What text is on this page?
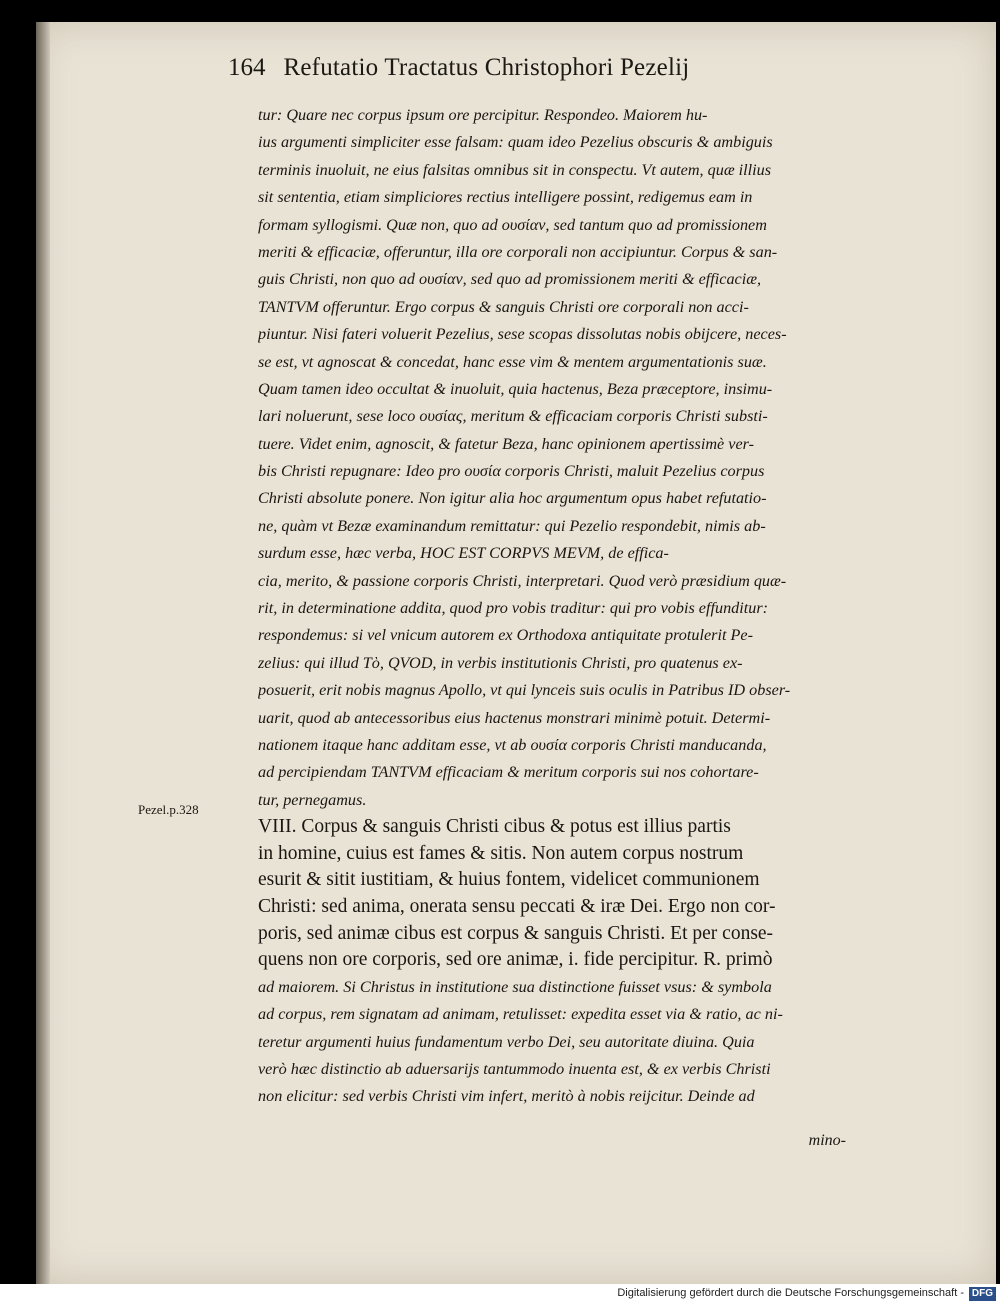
164 Refutatio Tractatus Christophori Pezelij
Pezel.p.328
tur: Quare nec corpus ipsum ore percipitur. Respondeo. Maiorem hu-
ius argumenti simpliciter esse falsam: quam ideo Pezelius obscuris & ambiguis
terminis inuoluit, ne eius falsitas omnibus sit in conspectu. Vt autem, quæ illius
sit sententia, etiam simpliciores rectius intelligere possint, redigemus eam in
formam syllogismi. Quæ non, quo ad ουσίαν, sed tantum quo ad promissionem
meriti & efficaciæ, offeruntur, illa ore corporali non accipiuntur. Corpus & san-
guis Christi, non quo ad ουσίαν, sed quo ad promissionem meriti & efficaciæ,
TANTVM offeruntur. Ergo corpus & sanguis Christi ore corporali non acci-
piuntur. Nisi fateri voluerit Pezelius, sese scopas dissolutas nobis obijcere, neces-
se est, vt agnoscat & concedat, hanc esse vim & mentem argumentationis suæ.
Quam tamen ideo occultat & inuoluit, quia hactenus, Beza præceptore, insimu-
lari noluerunt, sese loco ουσίας, meritum & efficaciam corporis Christi substi-
tuere. Videt enim, agnoscit, & fatetur Beza, hanc opinionem apertissimè ver-
bis Christi repugnare: Ideo pro ουσία corporis Christi, maluit Pezelius corpus
Christi absolute ponere. Non igitur alia hoc argumentum opus habet refutatio-
ne, quàm vt Bezæ examinandum remittatur: qui Pezelio respondebit, nimis ab-
surdum esse, hæc verba, HOC EST CORPVS MEVM, de effica-
cia, merito, & passione corporis Christi, interpretari. Quod verò præsidium quæ-
rit, in determinatione addita, quod pro vobis traditur: qui pro vobis effunditur:
respondemus: si vel vnicum autorem ex Orthodoxa antiquitate protulerit Pe-
zelius: qui illud Τὸ, QVOD, in verbis institutionis Christi, pro quatenus ex-
posuerit, erit nobis magnus Apollo, vt qui lynceis suis oculis in Patribus ID obser-
uarit, quod ab antecessoribus eius hactenus monstrari minimè potuit. Determi-
nationem itaque hanc additam esse, vt ab ουσία corporis Christi manducanda,
ad percipiendam TANTVM efficaciam & meritum corporis sui nos cohortare-
tur, pernegamus.
VIII. Corpus & sanguis Christi cibus & potus est illius partis
in homine, cuius est fames & sitis. Non autem corpus nostrum
esurit & sitit iustitiam, & huius fontem, videlicet communionem
Christi: sed anima, onerata sensu peccati & iræ Dei. Ergo non cor-
poris, sed animæ cibus est corpus & sanguis Christi. Et per conse-
quens non ore corporis, sed ore animæ, i. fide percipitur. R. primò
ad maiorem. Si Christus in institutione sua distinctione fuisset vsus: & symbola
ad corpus, rem signatam ad animam, retulisset: expedita esset via & ratio, ac ni-
teretur argumenti huius fundamentum verbo Dei, seu autoritate diuina. Quia
verò hæc distinctio ab aduersarijs tantummodo inuenta est, & ex verbis Christi
non elicitur: sed verbis Christi vim infert, meritò à nobis reijcitur. Deinde ad
mino-
Digitalisierung gefördert durch die Deutsche Forschungsgemeinschaft - DFG
